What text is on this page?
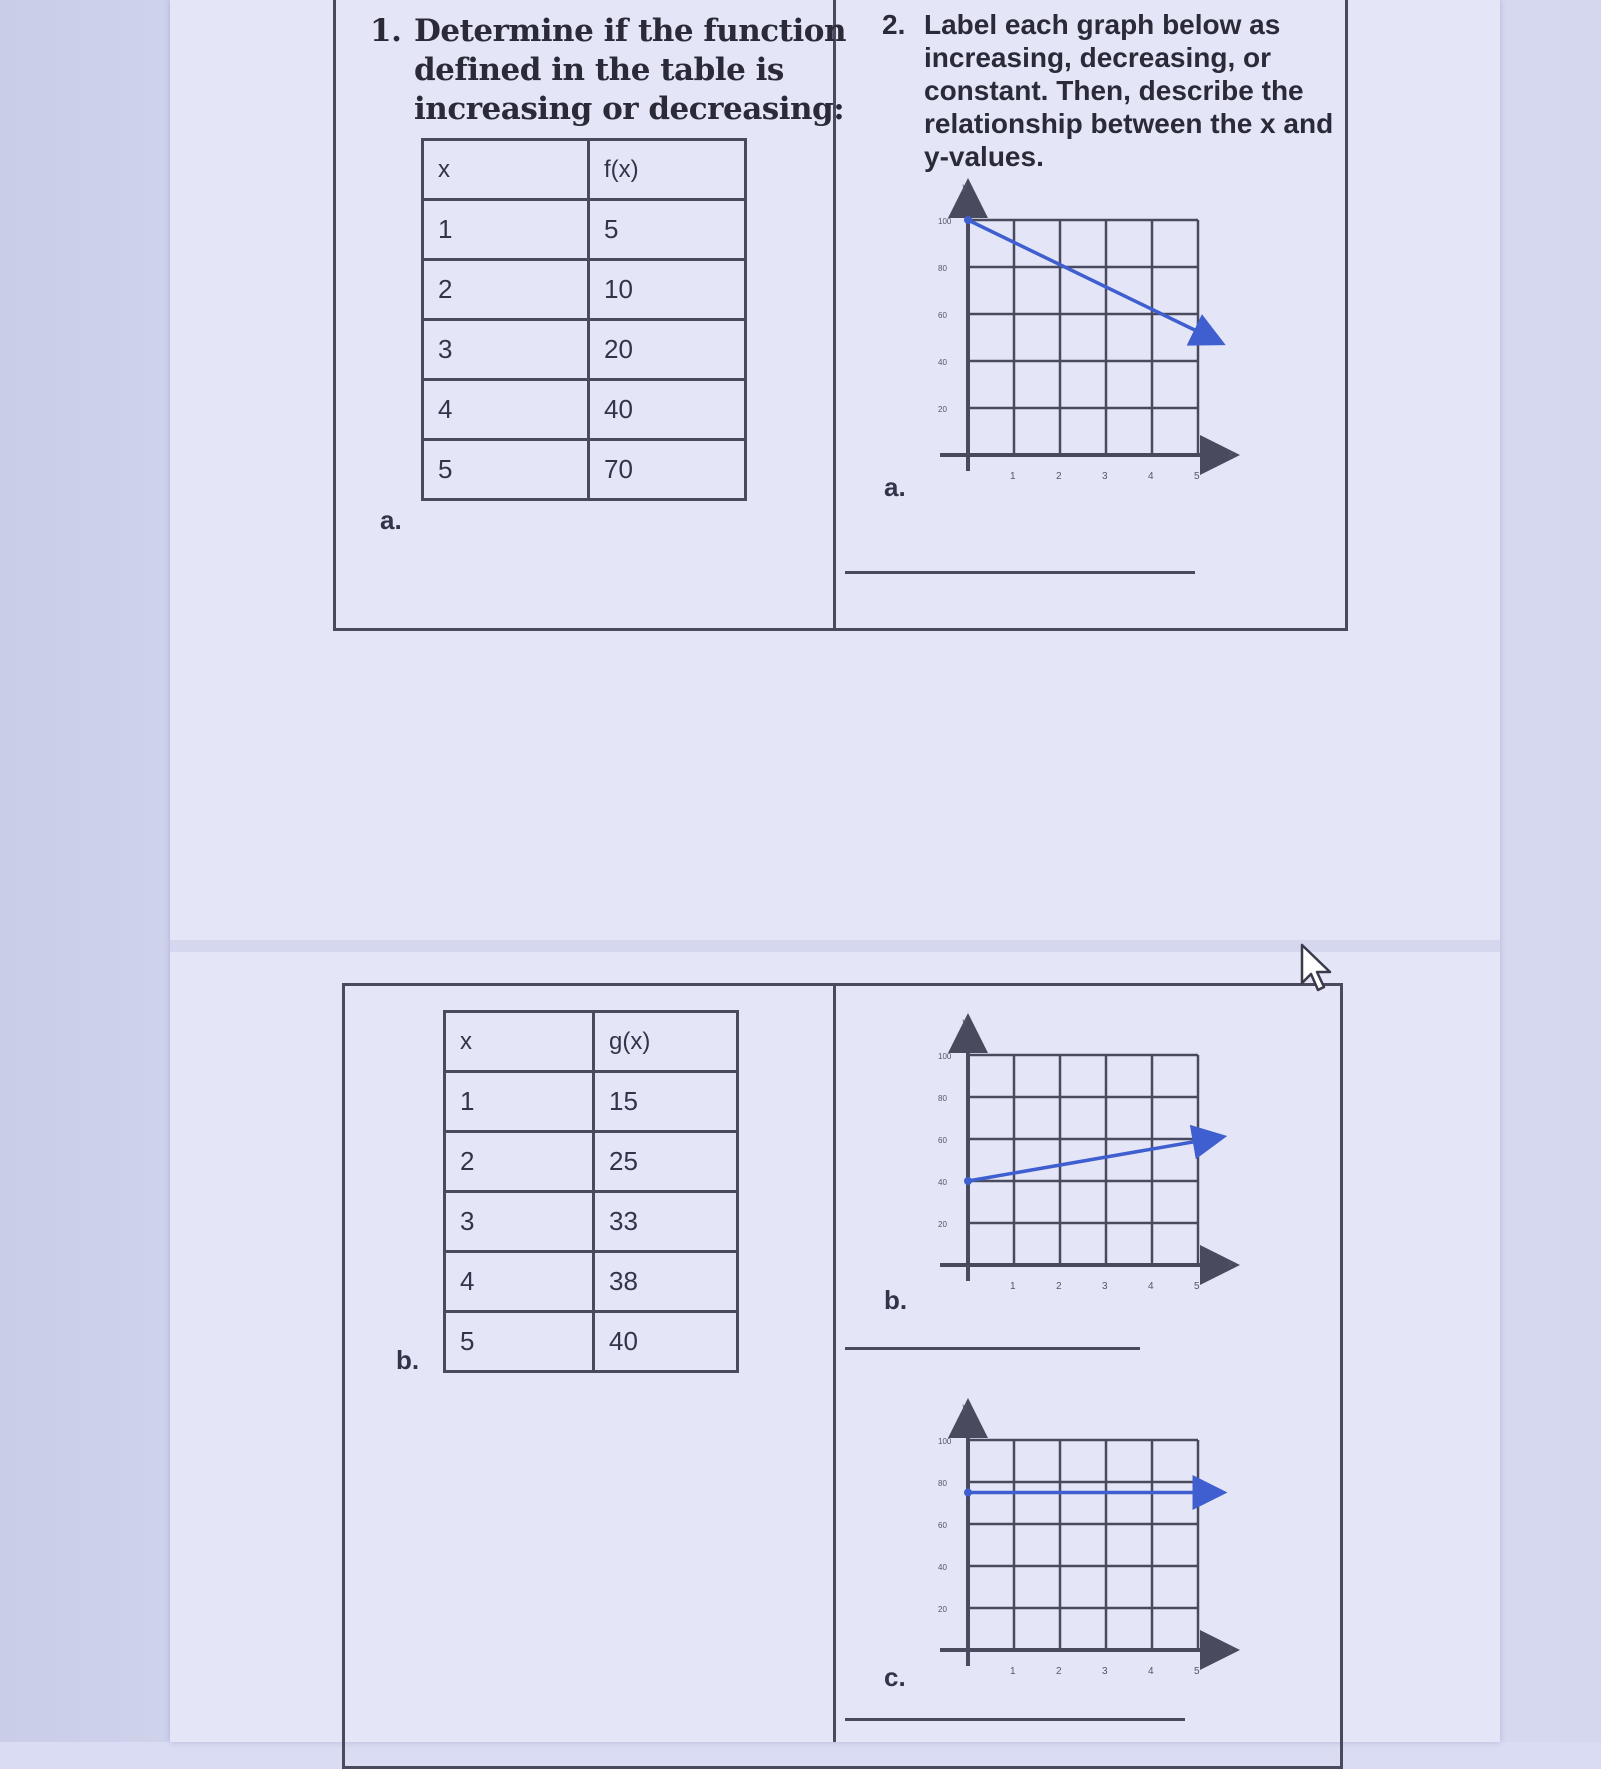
1. Determine if the function
defined in the table is
increasing or decreasing:
x	f(x)
1	5
2	10
3	20
4	40
5	70
a.
2. Label each graph below as
increasing, decreasing, or
constant. Then, describe the
relationship between the x and
y-values.
1	2	3	4	5
100
80
60
40
20
x
y
a.
x	g(x)
1	15
2	25
3	33
4	38
5	40
b.
1	2	3	4	5
100
80
60
40
20
x
y
b.
1	2	3	4	5
100
80
60
40
20
x
y
c.
